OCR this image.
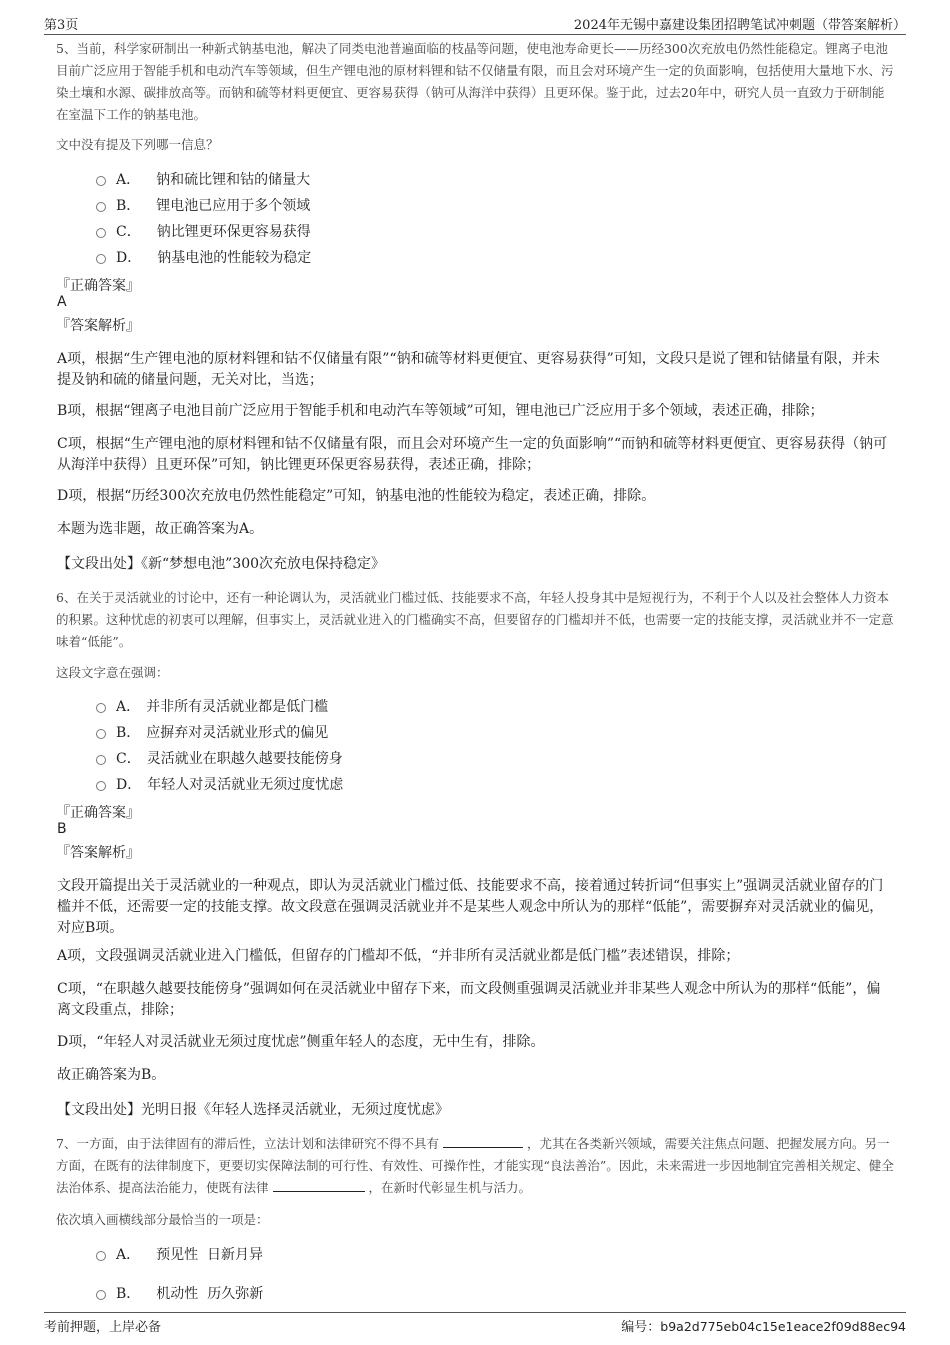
第3页	2024年无锡中嘉建设集团招聘笔试冲刺题（带答案解析）
5、当前，科学家研制出一种新式钠基电池，解决了同类电池普遍面临的枝晶等问题，使电池寿命更长——历经300次充放电仍然性能稳定。锂离子电池目前广泛应用于智能手机和电动汽车等领域，但生产锂电池的原材料锂和钴不仅储量有限，而且会对环境产生一定的负面影响，包括使用大量地下水、污染土壤和水源、碳排放高等。而钠和硫等材料更便宜、更容易获得（钠可从海洋中获得）且更环保。鉴于此，过去20年中，研究人员一直致力于研制能在室温下工作的钠基电池。
文中没有提及下列哪一信息？
A． 钠和硫比锂和钴的储量大
B． 锂电池已应用于多个领域
C． 钠比锂更环保更容易获得
D． 钠基电池的性能较为稳定
『正确答案』
A
『答案解析』
A项，根据“生产锂电池的原材料锂和钴不仅储量有限”“钠和硫等材料更便宜、更容易获得”可知，文段只是说了锂和钴储量有限，并未提及钠和硫的储量问题，无关对比，当选；
B项，根据“锂离子电池目前广泛应用于智能手机和电动汽车等领域”可知，锂电池已广泛应用于多个领域，表述正确，排除；
C项，根据“生产锂电池的原材料锂和钴不仅储量有限，而且会对环境产生一定的负面影响”“而钠和硫等材料更便宜、更容易获得（钠可从海洋中获得）且更环保”可知，钠比锂更环保更容易获得，表述正确，排除；
D项，根据“历经300次充放电仍然性能稳定”可知，钠基电池的性能较为稳定，表述正确，排除。
本题为选非题，故正确答案为A。
【文段出处】《新“梦想电池”300次充放电保持稳定》
6、在关于灵活就业的讨论中，还有一种论调认为，灵活就业门槛过低、技能要求不高，年轻人投身其中是短视行为，不利于个人以及社会整体人力资本的积累。这种忧虑的初衷可以理解，但事实上，灵活就业进入的门槛确实不高，但要留存的门槛却并不低，也需要一定的技能支撑，灵活就业并不一定意味着“低能”。
这段文字意在强调：
A． 并非所有灵活就业都是低门槛
B． 应摒弃对灵活就业形式的偏见
C． 灵活就业在职越久越要技能傍身
D． 年轻人对灵活就业无须过度忧虑
『正确答案』
B
『答案解析』
文段开篇提出关于灵活就业的一种观点，即认为灵活就业门槛过低、技能要求不高，接着通过转折词“但事实上”强调灵活就业留存的门槛并不低，还需要一定的技能支撑。故文段意在强调灵活就业并不是某些人观念中所认为的那样“低能”，需要摒弃对灵活就业的偏见，对应B项。
A项，文段强调灵活就业进入门槛低，但留存的门槛却不低，“并非所有灵活就业都是低门槛”表述错误，排除；
C项，“在职越久越要技能傍身”强调如何在灵活就业中留存下来，而文段侧重强调灵活就业并非某些人观念中所认为的那样“低能”，偏离文段重点，排除；
D项，“年轻人对灵活就业无须过度忧虑”侧重年轻人的态度，无中生有，排除。
故正确答案为B。
【文段出处】光明日报《年轻人选择灵活就业，无须过度忧虑》
7、一方面，由于法律固有的滞后性，立法计划和法律研究不得不具有	，尤其在各类新兴领域，需要关注焦点问题、把握发展方向。另一方面，在既有的法律制度下，更要切实保障法制的可行性、有效性、可操作性，才能实现“良法善治”。因此，未来需进一步因地制宜完善相关规定、健全法治体系、提高法治能力，使既有法律	，在新时代彰显生机与活力。
依次填入画横线部分最恰当的一项是：
A． 预见性  日新月异
B． 机动性  历久弥新
考前押题，上岸必备	编号：b9a2d775eb04c15e1eace2f09d88ec94
